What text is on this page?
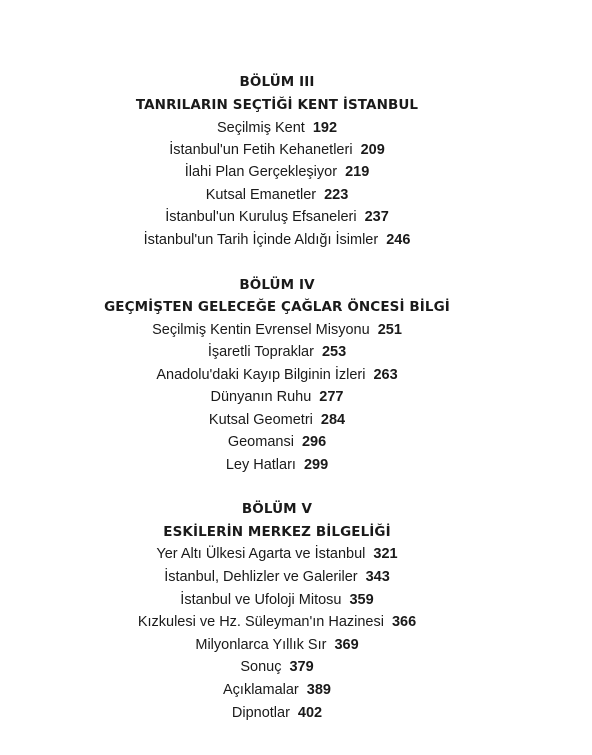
BÖLÜM III
TANRILARIN SEÇTİĞİ KENT İSTANBUL
Seçilmiş Kent 192
İstanbul'un Fetih Kehanetleri 209
İlahi Plan Gerçekleşiyor 219
Kutsal Emanetler 223
İstanbul'un Kuruluş Efsaneleri 237
İstanbul'un Tarih İçinde Aldığı İsimler 246
BÖLÜM IV
GEÇMİŞTEN GELECEĞE ÇAĞLAR ÖNCESİ BİLGİ
Seçilmiş Kentin Evrensel Misyonu 251
İşaretli Topraklar 253
Anadolu'daki Kayıp Bilginin İzleri 263
Dünyanın Ruhu 277
Kutsal Geometri 284
Geomansi 296
Ley Hatları 299
BÖLÜM V
ESKİLERİN MERKEZ BİLGELİĞİ
Yer Altı Ülkesi Agarta ve İstanbul 321
İstanbul, Dehlizler ve Galeriler 343
İstanbul ve Ufoloji Mitosu 359
Kızkulesi ve Hz. Süleyman'ın Hazinesi 366
Milyonlarca Yıllık Sır 369
Sonuç 379
Açıklamalar 389
Dipnotlar 402
